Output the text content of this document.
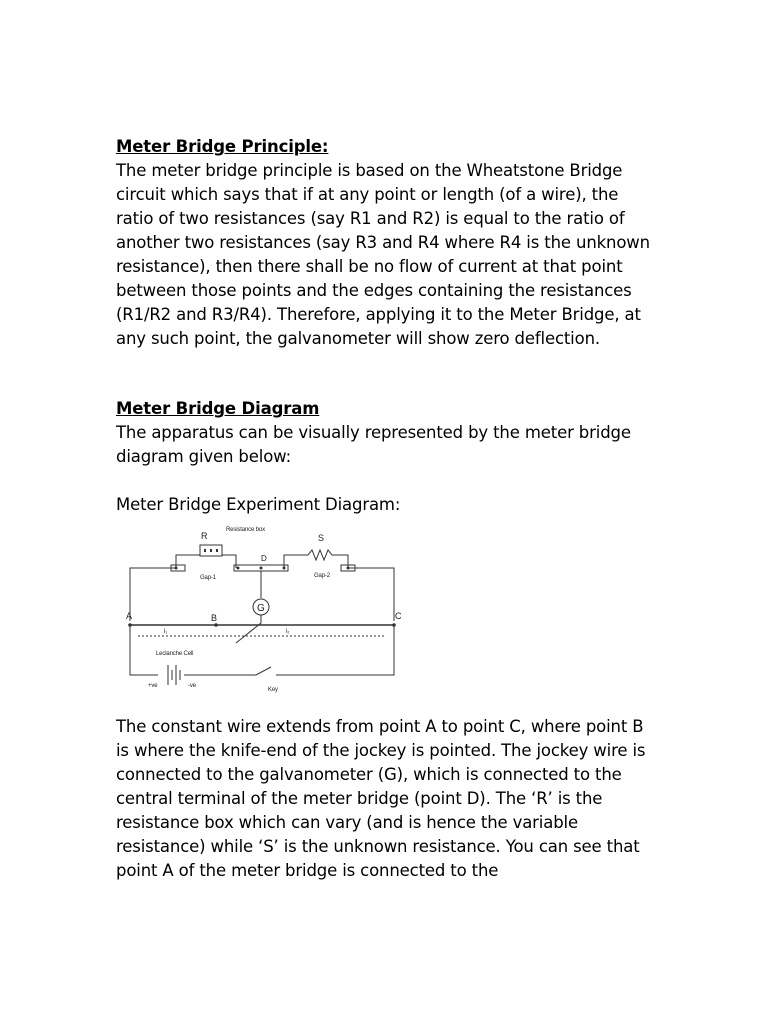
Meter Bridge Principle:

The meter bridge principle is based on the Wheatstone Bridge circuit which says that if at any point or length (of a wire), the ratio of two resistances (say R1 and R2) is equal to the ratio of another two resistances (say R3 and R4 where R4 is the unknown resistance), then there shall be no flow of current at that point between those points and the edges containing the resistances (R1/R2 and R3/R4). Therefore, applying it to the Meter Bridge, at any such point, the galvanometer will show zero deflection.

Meter Bridge Diagram

The apparatus can be visually represented by the meter bridge diagram given below:

Meter Bridge Experiment Diagram:

Resistance box
R	S
D
G
A	B	C
Gap-1	Gap-2
l₁	l₂
Leclanche Cell
+ve	-ve
Key

The constant wire extends from point A to point C, where point B is where the knife-end of the jockey is pointed. The jockey wire is connected to the galvanometer (G), which is connected to the central terminal of the meter bridge (point D). The ‘R’ is the resistance box which can vary (and is hence the variable resistance) while ‘S’ is the unknown resistance. You can see that point A of the meter bridge is connected to the
